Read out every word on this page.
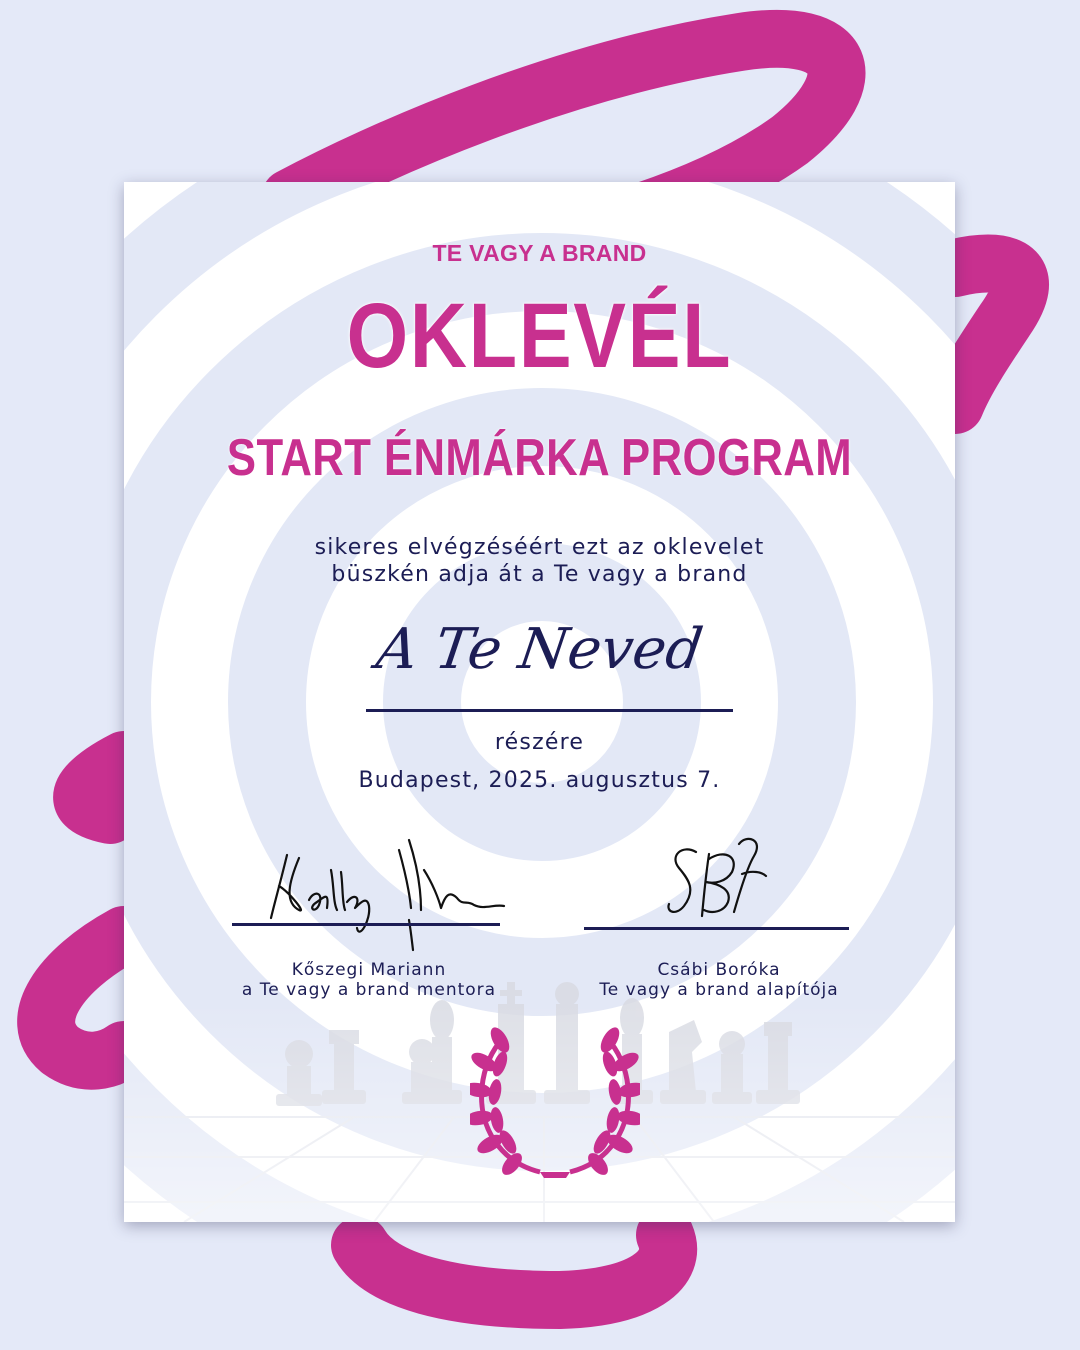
TE VAGY A BRAND

OKLEVÉL

START ÉNMÁRKA PROGRAM

sikeres elvégzéséért ezt az oklevelet

büszkén adja át a Te vagy a brand

A Te Neved

részére

Budapest, 2025. augusztus 7.

Kőszegi Mariann
a Te vagy a brand mentora
Csábi Boróka
Te vagy a brand alapítója
